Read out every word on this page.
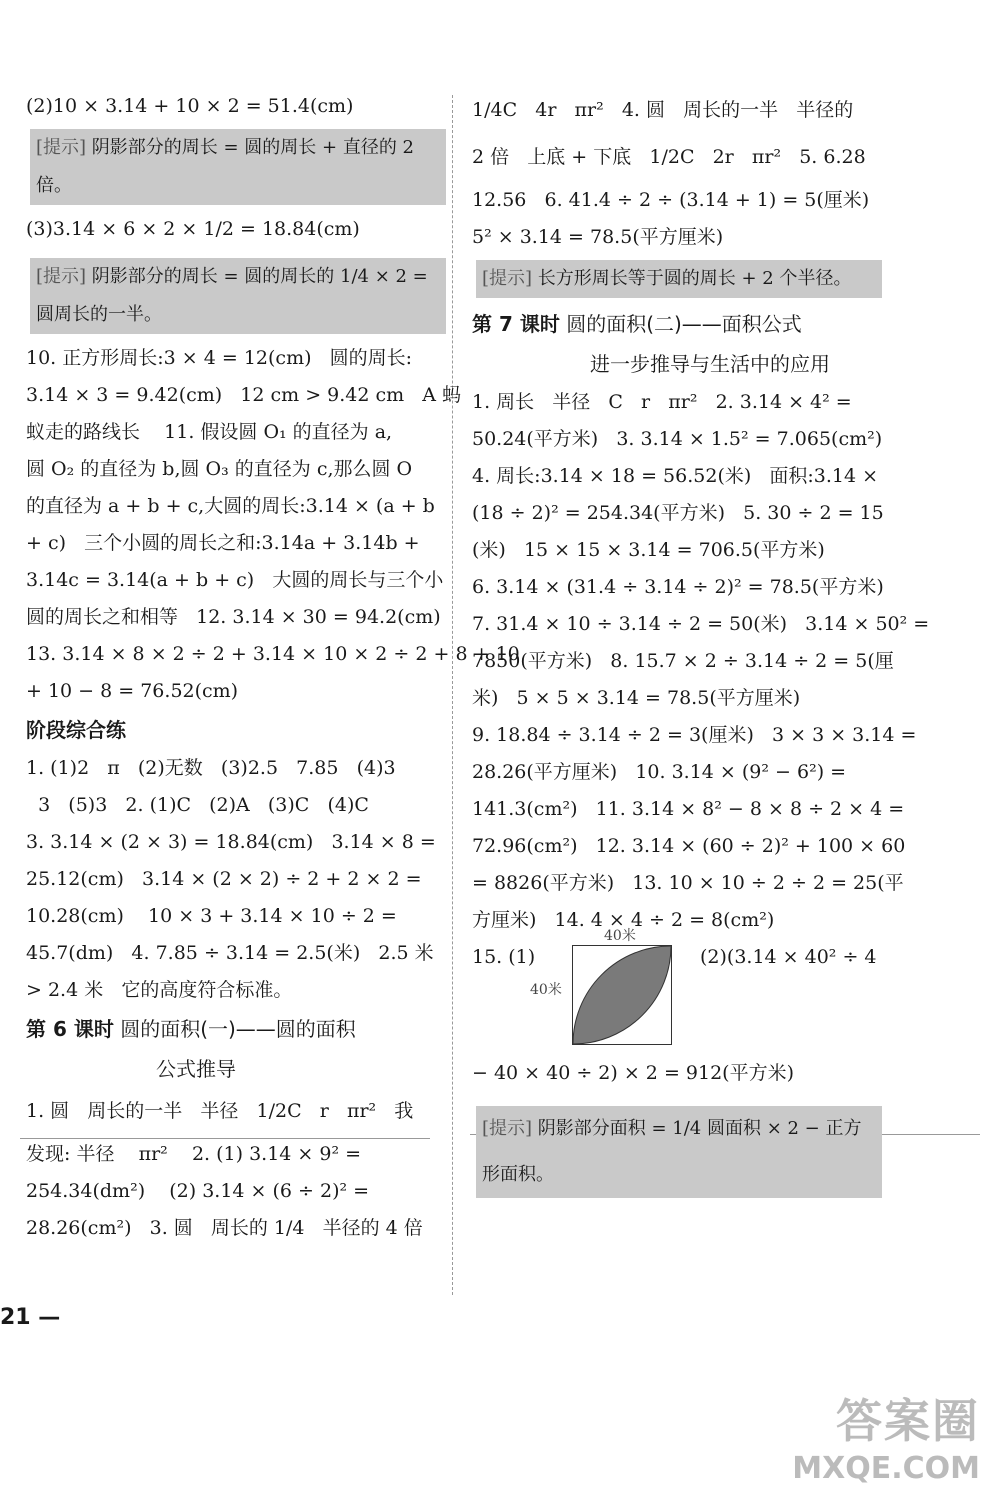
(2)10 × 3.14 + 10 × 2 = 51.4(cm)
[提示] 阴影部分的周长 = 圆的周长 + 直径的 2 倍。
(3)3.14 × 6 × 2 × 1/2 = 18.84(cm)
[提示] 阴影部分的周长 = 圆的周长的 1/4 × 2 = 圆周长的一半。
10. 正方形周长:3 × 4 = 12(cm)   圆的周长:
3.14 × 3 = 9.42(cm)   12 cm > 9.42 cm   A 蚂
蚁走的路线长    11. 假设圆 O₁ 的直径为 a,
圆 O₂ 的直径为 b,圆 O₃ 的直径为 c,那么圆 O
的直径为 a + b + c,大圆的周长:3.14 × (a + b
+ c)   三个小圆的周长之和:3.14a + 3.14b +
3.14c = 3.14(a + b + c)   大圆的周长与三个小
圆的周长之和相等   12. 3.14 × 30 = 94.2(cm)
13. 3.14 × 8 × 2 ÷ 2 + 3.14 × 10 × 2 ÷ 2 + 8 + 10
+ 10 − 8 = 76.52(cm)
阶段综合练
1. (1)2   π   (2)无数   (3)2.5   7.85   (4)3
3   (5)3   2. (1)C   (2)A   (3)C   (4)C
3. 3.14 × (2 × 3) = 18.84(cm)   3.14 × 8 =
25.12(cm)   3.14 × (2 × 2) ÷ 2 + 2 × 2 =
10.28(cm)    10 × 3 + 3.14 × 10 ÷ 2 =
45.7(dm)   4. 7.85 ÷ 3.14 = 2.5(米)   2.5 米
> 2.4 米   它的高度符合标准。
第 6 课时 圆的面积(一)——圆的面积
公式推导
1. 圆   周长的一半   半径   1/2C   r   πr²   我
发现: 半径    πr²    2. (1) 3.14 × 9² =
254.34(dm²)    (2) 3.14 × (6 ÷ 2)² =
28.26(cm²)   3. 圆   周长的 1/4   半径的 4 倍
21 —
1/4C   4r   πr²   4. 圆   周长的一半   半径的
2 倍   上底 + 下底   1/2C   2r   πr²   5. 6.28
12.56   6. 41.4 ÷ 2 ÷ (3.14 + 1) = 5(厘米)
5² × 3.14 = 78.5(平方厘米)
[提示] 长方形周长等于圆的周长 + 2 个半径。
第 7 课时 圆的面积(二)——面积公式
进一步推导与生活中的应用
1. 周长   半径   C   r   πr²   2. 3.14 × 4² =
50.24(平方米)   3. 3.14 × 1.5² = 7.065(cm²)
4. 周长:3.14 × 18 = 56.52(米)   面积:3.14 ×
(18 ÷ 2)² = 254.34(平方米)   5. 30 ÷ 2 = 15
(米)   15 × 15 × 3.14 = 706.5(平方米)
6. 3.14 × (31.4 ÷ 3.14 ÷ 2)² = 78.5(平方米)
7. 31.4 × 10 ÷ 3.14 ÷ 2 = 50(米)   3.14 × 50² =
7850(平方米)   8. 15.7 × 2 ÷ 3.14 ÷ 2 = 5(厘
米)   5 × 5 × 3.14 = 78.5(平方厘米)
9. 18.84 ÷ 3.14 ÷ 2 = 3(厘米)   3 × 3 × 3.14 =
28.26(平方厘米)   10. 3.14 × (9² − 6²) =
141.3(cm²)   11. 3.14 × 8² − 8 × 8 ÷ 2 × 4 =
72.96(cm²)   12. 3.14 × (60 ÷ 2)² + 100 × 60
= 8826(平方米)   13. 10 × 10 ÷ 2 ÷ 2 = 25(平
方厘米)   14. 4 × 4 ÷ 2 = 8(cm²)
15. (1)	(2)(3.14 × 40² ÷ 4
40米
40米
− 40 × 40 ÷ 2) × 2 = 912(平方米)
[提示] 阴影部分面积 = 1/4 圆面积 × 2 − 正方形面积。
答案圈
MXQE.COM
